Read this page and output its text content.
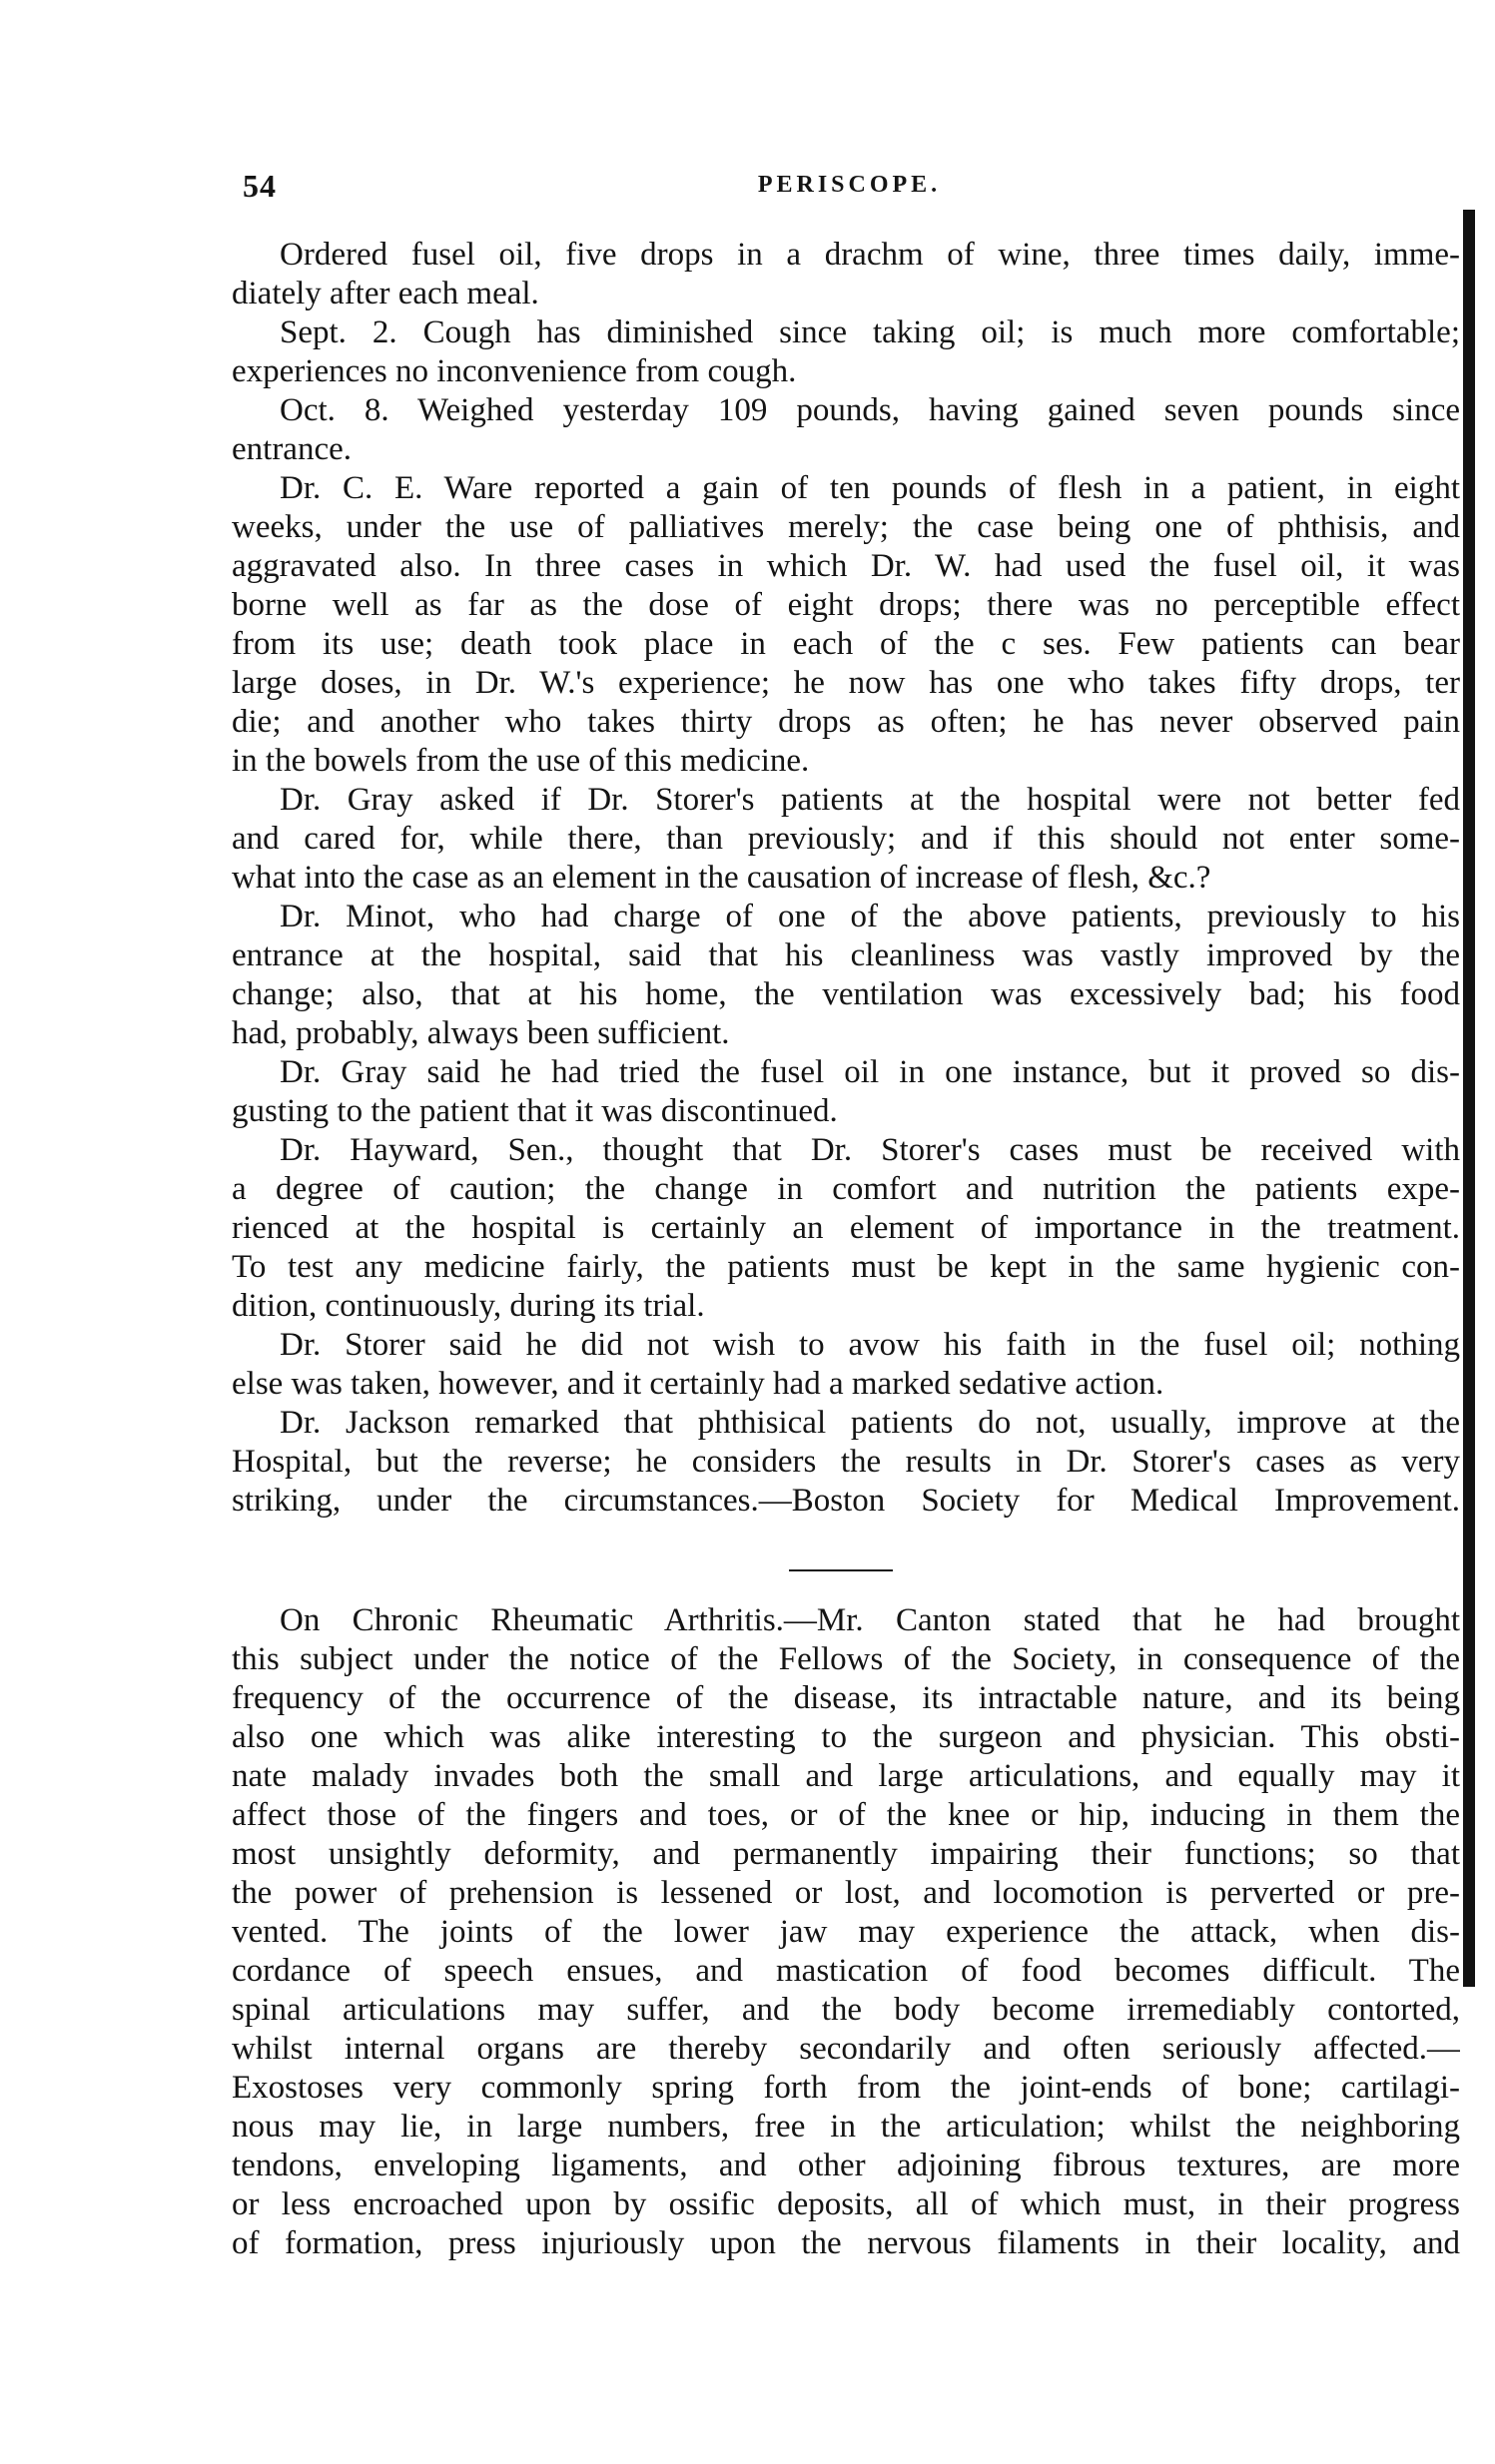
54	PERISCOPE.
Ordered fusel oil, five drops in a drachm of wine, three times daily, imme-
diately after each meal.
Sept. 2. Cough has diminished since taking oil; is much more comfortable;
experiences no inconvenience from cough.
Oct. 8. Weighed yesterday 109 pounds, having gained seven pounds since
entrance.
Dr. C. E. Ware reported a gain of ten pounds of flesh in a patient, in eight
weeks, under the use of palliatives merely; the case being one of phthisis, and
aggravated also. In three cases in which Dr. W. had used the fusel oil, it was
borne well as far as the dose of eight drops; there was no perceptible effect
from its use; death took place in each of the c ses. Few patients can bear
large doses, in Dr. W.'s experience; he now has one who takes fifty drops, ter
die; and another who takes thirty drops as often; he has never observed pain
in the bowels from the use of this medicine.
Dr. Gray asked if Dr. Storer's patients at the hospital were not better fed
and cared for, while there, than previously; and if this should not enter some-
what into the case as an element in the causation of increase of flesh, &c.?
Dr. Minot, who had charge of one of the above patients, previously to his
entrance at the hospital, said that his cleanliness was vastly improved by the
change; also, that at his home, the ventilation was excessively bad; his food
had, probably, always been sufficient.
Dr. Gray said he had tried the fusel oil in one instance, but it proved so dis-
gusting to the patient that it was discontinued.
Dr. Hayward, Sen., thought that Dr. Storer's cases must be received with
a degree of caution; the change in comfort and nutrition the patients expe-
rienced at the hospital is certainly an element of importance in the treatment.
To test any medicine fairly, the patients must be kept in the same hygienic con-
dition, continuously, during its trial.
Dr. Storer said he did not wish to avow his faith in the fusel oil; nothing
else was taken, however, and it certainly had a marked sedative action.
Dr. Jackson remarked that phthisical patients do not, usually, improve at the
Hospital, but the reverse; he considers the results in Dr. Storer's cases as very
striking, under the circumstances.—Boston Society for Medical Improvement.
On Chronic Rheumatic Arthritis.—Mr. Canton stated that he had brought
this subject under the notice of the Fellows of the Society, in consequence of the
frequency of the occurrence of the disease, its intractable nature, and its being
also one which was alike interesting to the surgeon and physician. This obsti-
nate malady invades both the small and large articulations, and equally may it
affect those of the fingers and toes, or of the knee or hip, inducing in them the
most unsightly deformity, and permanently impairing their functions; so that
the power of prehension is lessened or lost, and locomotion is perverted or pre-
vented. The joints of the lower jaw may experience the attack, when dis-
cordance of speech ensues, and mastication of food becomes difficult. The
spinal articulations may suffer, and the body become irremediably contorted,
whilst internal organs are thereby secondarily and often seriously affected.—
Exostoses very commonly spring forth from the joint-ends of bone; cartilagi-
nous may lie, in large numbers, free in the articulation; whilst the neighboring
tendons, enveloping ligaments, and other adjoining fibrous textures, are more
or less encroached upon by ossific deposits, all of which must, in their progress
of formation, press injuriously upon the nervous filaments in their locality, and
